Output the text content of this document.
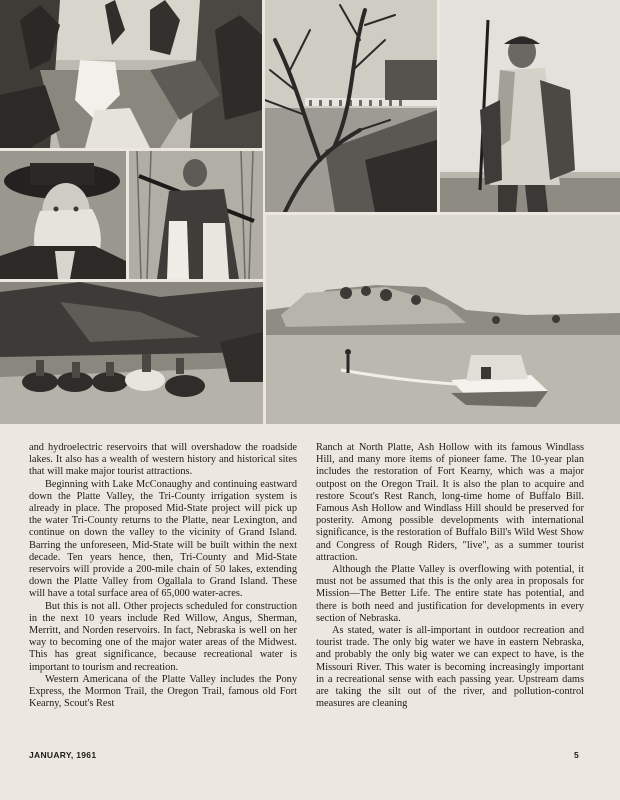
and hydroelectric reservoirs that will overshadow the roadside lakes. It also has a wealth of western history and historical sites that will make major tourist attractions.

Beginning with Lake McConaughy and continuing eastward down the Platte Valley, the Tri-County irrigation system is already in place. The proposed Mid-State project will pick up the water Tri-County returns to the Platte, near Lexington, and continue on down the valley to the vicinity of Grand Island. Barring the unforeseen, Mid-State will be built within the next decade. Ten years hence, then, Tri-County and Mid-State reservoirs will provide a 200-mile chain of 50 lakes, extending down the Platte Valley from Ogallala to Grand Island. These will have a total surface area of 65,000 water-acres.

But this is not all. Other projects scheduled for construction in the next 10 years include Red Willow, Angus, Sherman, Merritt, and Norden reservoirs. In fact, Nebraska is well on her way to becoming one of the major water areas of the Midwest. This has great significance, because recreational water is important to tourism and recreation.

Western Americana of the Platte Valley includes the Pony Express, the Mormon Trail, the Oregon Trail, famous old Fort Kearny, Scout's Rest

Ranch at North Platte, Ash Hollow with its famous Windlass Hill, and many more items of pioneer fame. The 10-year plan includes the restoration of Fort Kearny, which was a major outpost on the Oregon Trail. It is also the plan to acquire and restore Scout's Rest Ranch, long-time home of Buffalo Bill. Famous Ash Hollow and Windlass Hill should be preserved for posterity. Among possible developments with international significance, is the restoration of Buffalo Bill's Wild West Show and Congress of Rough Riders, "live", as a summer tourist attraction.

Although the Platte Valley is overflowing with potential, it must not be assumed that this is the only area in proposals for Mission—The Better Life. The entire state has potential, and there is both need and justification for developments in every section of Nebraska.

As stated, water is all-important in outdoor recreation and tourist trade. The only big water we have in eastern Nebraska, and probably the only big water we can expect to have, is the Missouri River. This water is becoming increasingly important in a recreational sense with each passing year. Upstream dams are taking the silt out of the river, and pollution-control measures are cleaning

JANUARY, 1961	5
